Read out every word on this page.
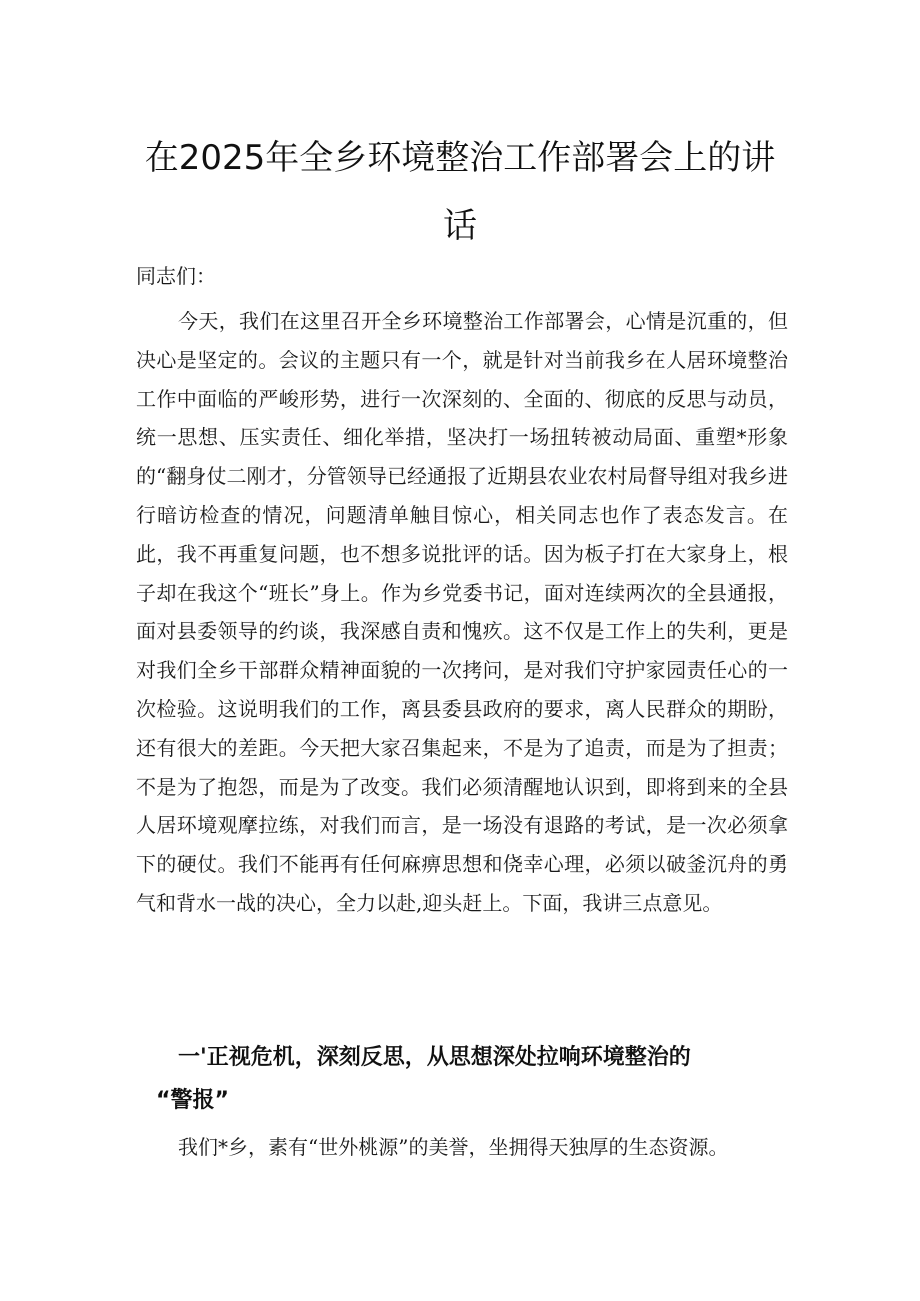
在2025年全乡环境整治工作部署会上的讲
话

同志们：

今天，我们在这里召开全乡环境整治工作部署会，心情是沉重的，但决心是坚定的。会议的主题只有一个，就是针对当前我乡在人居环境整治工作中面临的严峻形势，进行一次深刻的、全面的、彻底的反思与动员，统一思想、压实责任、细化举措，坚决打一场扭转被动局面、重塑*形象的“翻身仗二刚才，分管领导已经通报了近期县农业农村局督导组对我乡进行暗访检查的情况，问题清单触目惊心，相关同志也作了表态发言。在此，我不再重复问题，也不想多说批评的话。因为板子打在大家身上，根子却在我这个“班长”身上。作为乡党委书记，面对连续两次的全县通报，面对县委领导的约谈，我深感自责和愧疚。这不仅是工作上的失利，更是对我们全乡干部群众精神面貌的一次拷问，是对我们守护家园责任心的一次检验。这说明我们的工作，离县委县政府的要求，离人民群众的期盼，还有很大的差距。今天把大家召集起来，不是为了追责，而是为了担责；不是为了抱怨，而是为了改变。我们必须清醒地认识到，即将到来的全县人居环境观摩拉练，对我们而言，是一场没有退路的考试，是一次必须拿下的硬仗。我们不能再有任何麻痹思想和侥幸心理，必须以破釜沉舟的勇气和背水一战的决心，全力以赴,迎头赶上。下面，我讲三点意见。

一'正视危机，深刻反思，从思想深处拉响环境整治的
“警报”

我们*乡，素有“世外桃源”的美誉，坐拥得天独厚的生态资源。
